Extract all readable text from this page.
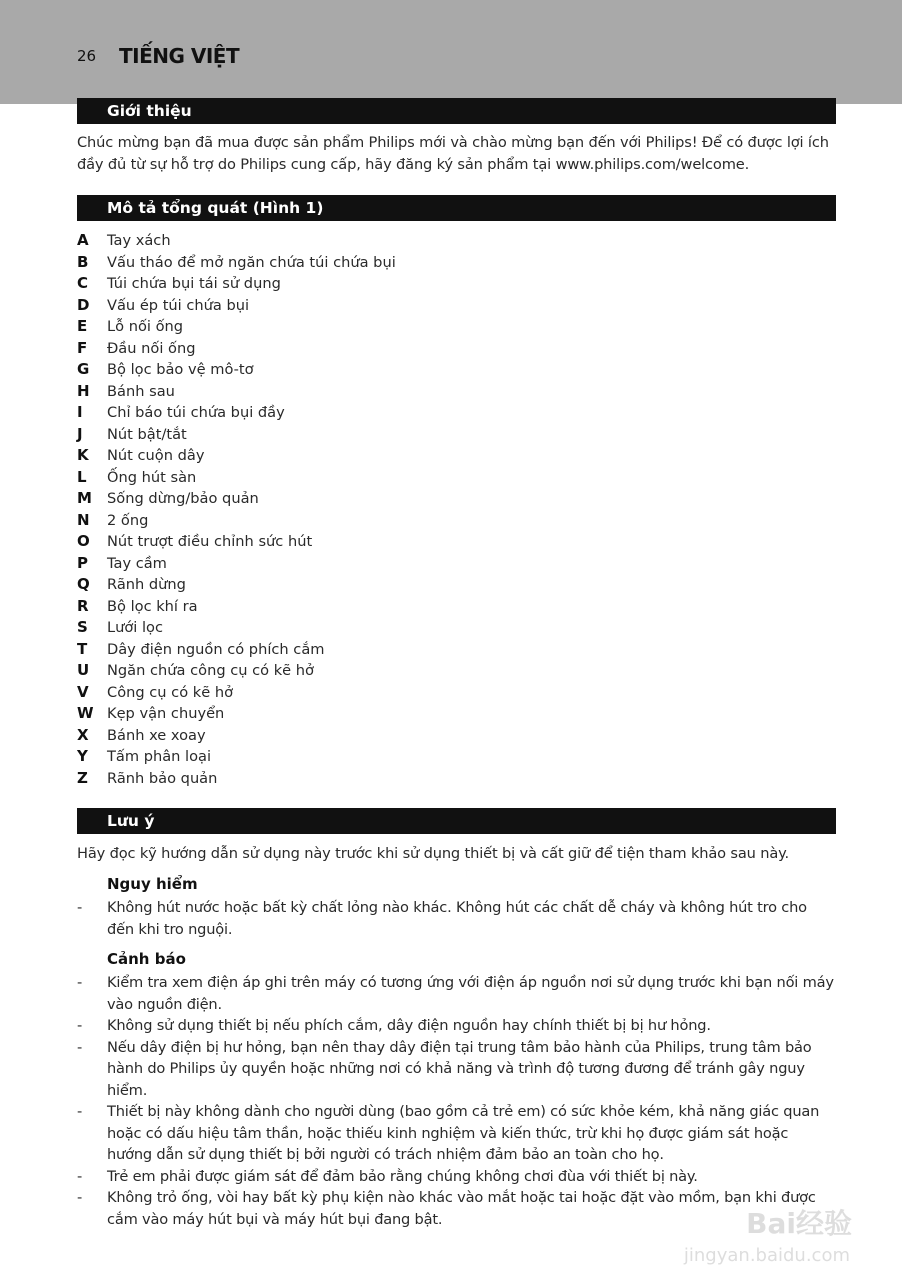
26 TIẾNG VIỆT
Giới thiệu
Chúc mừng bạn đã mua được sản phẩm Philips mới và chào mừng bạn đến với Philips! Để có được lợi ích đầy đủ từ sự hỗ trợ do Philips cung cấp, hãy đăng ký sản phẩm tại www.philips.com/welcome.
Mô tả tổng quát (Hình 1)
A Tay xách
B Vấu tháo để mở ngăn chứa túi chứa bụi
C Túi chứa bụi tái sử dụng
D Vấu ép túi chứa bụi
E Lỗ nối ống
F Đầu nối ống
G Bộ lọc bảo vệ mô-tơ
H Bánh sau
I Chỉ báo túi chứa bụi đầy
J Nút bật/tắt
K Nút cuộn dây
L Ống hút sàn
M Sống dừng/bảo quản
N 2 ống
O Nút trượt điều chỉnh sức hút
P Tay cầm
Q Rãnh dừng
R Bộ lọc khí ra
S Lưới lọc
T Dây điện nguồn có phích cắm
U Ngăn chứa công cụ có kẽ hở
V Công cụ có kẽ hở
W Kẹp vận chuyển
X Bánh xe xoay
Y Tấm phân loại
Z Rãnh bảo quản
Lưu ý
Hãy đọc kỹ hướng dẫn sử dụng này trước khi sử dụng thiết bị và cất giữ để tiện tham khảo sau này.
Nguy hiểm
- Không hút nước hoặc bất kỳ chất lỏng nào khác. Không hút các chất dễ cháy và không hút tro cho đến khi tro nguội.
Cảnh báo
- Kiểm tra xem điện áp ghi trên máy có tương ứng với điện áp nguồn nơi sử dụng trước khi bạn nối máy vào nguồn điện.
- Không sử dụng thiết bị nếu phích cắm, dây điện nguồn hay chính thiết bị bị hư hỏng.
- Nếu dây điện bị hư hỏng, bạn nên thay dây điện tại trung tâm bảo hành của Philips, trung tâm bảo hành do Philips ủy quyền hoặc những nơi có khả năng và trình độ tương đương để tránh gây nguy hiểm.
- Thiết bị này không dành cho người dùng (bao gồm cả trẻ em) có sức khỏe kém, khả năng giác quan hoặc có dấu hiệu tâm thần, hoặc thiếu kinh nghiệm và kiến thức, trừ khi họ được giám sát hoặc hướng dẫn sử dụng thiết bị bởi người có trách nhiệm đảm bảo an toàn cho họ.
- Trẻ em phải được giám sát để đảm bảo rằng chúng không chơi đùa với thiết bị này.
- Không trỏ ống, vòi hay bất kỳ phụ kiện nào khác vào mắt hoặc tai hoặc đặt vào mồm, bạn khi được cắm vào máy hút bụi và máy hút bụi đang bật.	Bai经验
jingyan.baidu.com
